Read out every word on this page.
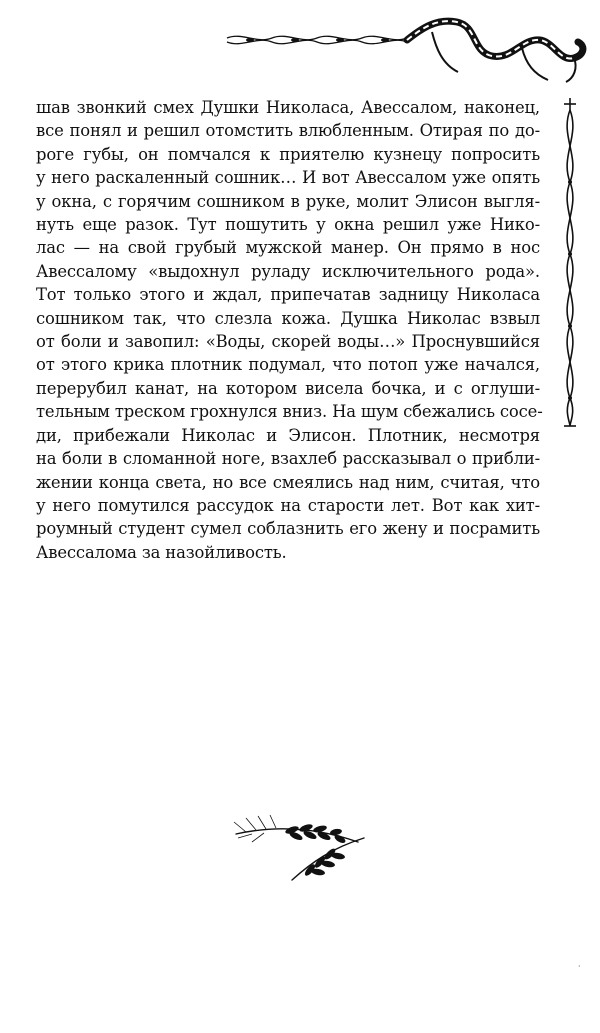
шав звонкий смех Душки Николаса, Авессалом, наконец,
все понял и решил отомстить влюбленным. Отирая по до-
роге губы, он помчался к приятелю кузнецу попросить
у него раскаленный сошник… И вот Авессалом уже опять
у окна, с горячим сошником в руке, молит Элисон выгля-
нуть еще разок. Тут пошутить у окна решил уже Нико-
лас — на свой грубый мужской манер. Он прямо в нос
Авессалому «выдохнул руладу исключительного рода».
Тот только этого и ждал, припечатав задницу Николаса
сошником так, что слезла кожа. Душка Николас взвыл
от боли и завопил: «Воды, скорей воды…» Проснувшийся
от этого крика плотник подумал, что потоп уже начался,
перерубил канат, на котором висела бочка, и с оглуши-
тельным треском грохнулся вниз. На шум сбежались сосе-
ди, прибежали Николас и Элисон. Плотник, несмотря
на боли в сломанной ноге, взахлеб рассказывал о прибли-
жении конца света, но все смеялись над ним, считая, что
у него помутился рассудок на старости лет. Вот как хит-
роумный студент сумел соблазнить его жену и посрамить
Авессалома за назойливость.
·
